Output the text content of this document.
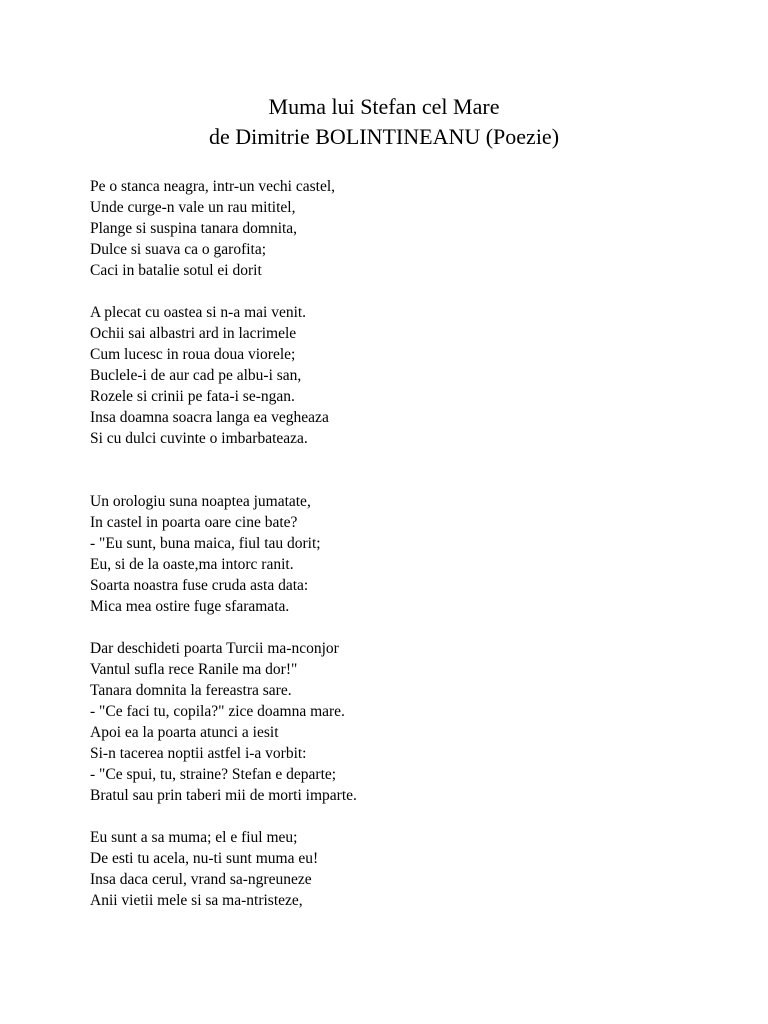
Muma lui Stefan cel Mare
de Dimitrie BOLINTINEANU (Poezie)
Pe o stanca neagra, intr-un vechi castel,
Unde curge-n vale un rau mititel,
Plange si suspina tanara domnita,
Dulce si suava ca o garofita;
Caci in batalie sotul ei dorit
A plecat cu oastea si n-a mai venit.
Ochii sai albastri ard in lacrimele
Cum lucesc in roua doua viorele;
Buclele-i de aur cad pe albu-i san,
Rozele si crinii pe fata-i se-ngan.
Insa doamna soacra langa ea vegheaza
Si cu dulci cuvinte o imbarbateaza.
Un orologiu suna noaptea jumatate,
In castel in poarta oare cine bate?
- "Eu sunt, buna maica, fiul tau dorit;
Eu, si de la oaste,ma intorc ranit.
Soarta noastra fuse cruda asta data:
Mica mea ostire fuge sfaramata.
Dar deschideti poarta Turcii ma-nconjor
Vantul sufla rece Ranile ma dor!"
Tanara domnita la fereastra sare.
- "Ce faci tu, copila?" zice doamna mare.
Apoi ea la poarta atunci a iesit
Si-n tacerea noptii astfel i-a vorbit:
- "Ce spui, tu, straine? Stefan e departe;
Bratul sau prin taberi mii de morti imparte.
Eu sunt a sa muma; el e fiul meu;
De esti tu acela, nu-ti sunt muma eu!
Insa daca cerul, vrand sa-ngreuneze
Anii vietii mele si sa ma-ntristeze,
